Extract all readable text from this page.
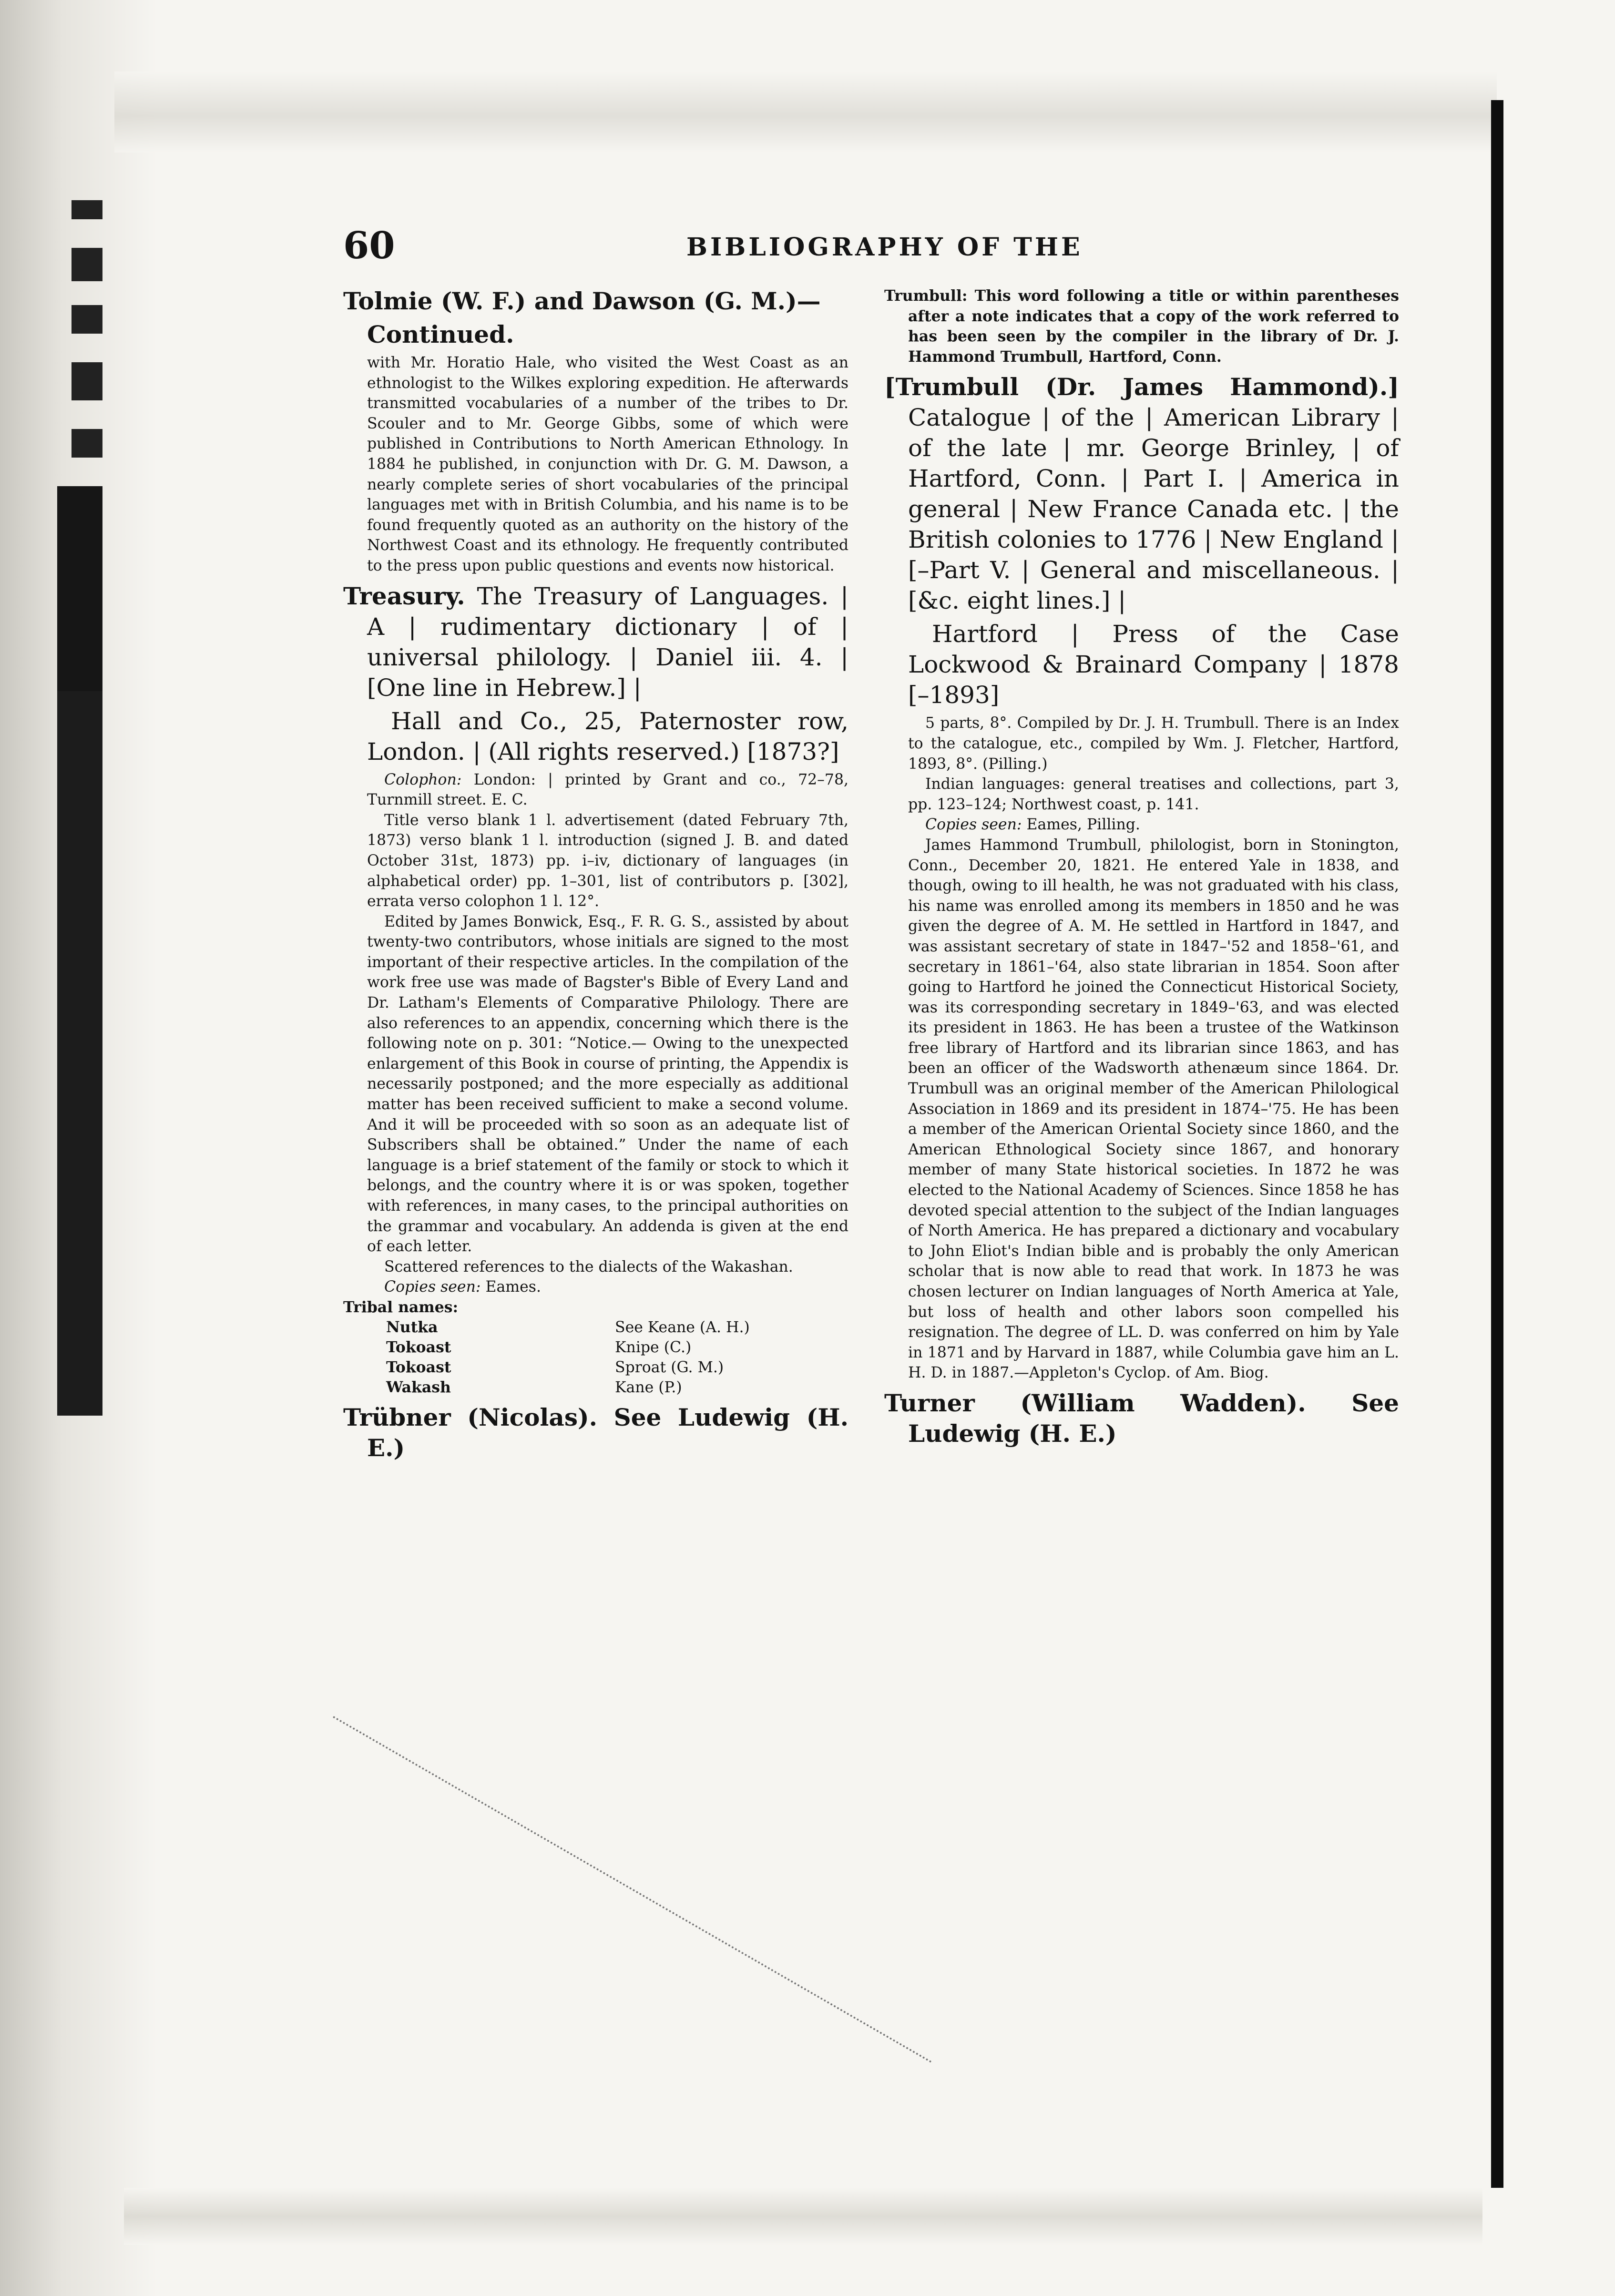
60	BIBLIOGRAPHY OF THE

Tolmie (W. F.) and Dawson (G. M.)—

Continued.

with Mr. Horatio Hale, who visited the West Coast as an ethnologist to the Wilkes exploring expedition. He afterwards transmitted vocabularies of a number of the tribes to Dr. Scouler and to Mr. George Gibbs, some of which were published in Contributions to North American Ethnology. In 1884 he published, in conjunction with Dr. G. M. Dawson, a nearly complete series of short vocabularies of the principal languages met with in British Columbia, and his name is to be found frequently quoted as an authority on the history of the Northwest Coast and its ethnology. He frequently contributed to the press upon public questions and events now historical.

Treasury. The Treasury of Languages. | A | rudimentary dictionary | of | universal philology. | Daniel iii. 4. | [One line in Hebrew.] |

Hall and Co., 25, Paternoster row, London. | (All rights reserved.) [1873?]

Colophon: London: | printed by Grant and co., 72–78, Turnmill street. E. C.

Title verso blank 1 l. advertisement (dated February 7th, 1873) verso blank 1 l. introduction (signed J. B. and dated October 31st, 1873) pp. i–iv, dictionary of languages (in alphabetical order) pp. 1–301, list of contributors p. [302], errata verso colophon 1 l. 12°.

Edited by James Bonwick, Esq., F. R. G. S., assisted by about twenty-two contributors, whose initials are signed to the most important of their respective articles. In the compilation of the work free use was made of Bagster's Bible of Every Land and Dr. Latham's Elements of Comparative Philology. There are also references to an appendix, concerning which there is the following note on p. 301: “Notice.— Owing to the unexpected enlargement of this Book in course of printing, the Appendix is necessarily postponed; and the more especially as additional matter has been received sufficient to make a second volume. And it will be proceeded with so soon as an adequate list of Subscribers shall be obtained.” Under the name of each language is a brief statement of the family or stock to which it belongs, and the country where it is or was spoken, together with references, in many cases, to the principal authorities on the grammar and vocabulary. An addenda is given at the end of each letter.

Scattered references to the dialects of the Wakashan.

Copies seen: Eames.

Tribal names:
Nutka	See Keane (A. H.)
Tokoast	Knipe (C.)
Tokoast	Sproat (G. M.)
Wakash	Kane (P.)

Trübner (Nicolas). See Ludewig (H. E.)

Trumbull: This word following a title or within parentheses after a note indicates that a copy of the work referred to has been seen by the compiler in the library of Dr. J. Hammond Trumbull, Hartford, Conn.

[Trumbull (Dr. James Hammond).] Catalogue | of the | American Library | of the late | mr. George Brinley, | of Hartford, Conn. | Part I. | America in general | New France Canada etc. | the British colonies to 1776 | New England | [–Part V. | General and miscellaneous. | [&c. eight lines.] |

Hartford | Press of the Case Lockwood & Brainard Company | 1878 [–1893]

5 parts, 8°. Compiled by Dr. J. H. Trumbull. There is an Index to the catalogue, etc., compiled by Wm. J. Fletcher, Hartford, 1893, 8°. (Pilling.)

Indian languages: general treatises and collections, part 3, pp. 123–124; Northwest coast, p. 141.

Copies seen: Eames, Pilling.

James Hammond Trumbull, philologist, born in Stonington, Conn., December 20, 1821. He entered Yale in 1838, and though, owing to ill health, he was not graduated with his class, his name was enrolled among its members in 1850 and he was given the degree of A. M. He settled in Hartford in 1847, and was assistant secretary of state in 1847–'52 and 1858–'61, and secretary in 1861–'64, also state librarian in 1854. Soon after going to Hartford he joined the Connecticut Historical Society, was its corresponding secretary in 1849–'63, and was elected its president in 1863. He has been a trustee of the Watkinson free library of Hartford and its librarian since 1863, and has been an officer of the Wadsworth athenæum since 1864. Dr. Trumbull was an original member of the American Philological Association in 1869 and its president in 1874–'75. He has been a member of the American Oriental Society since 1860, and the American Ethnological Society since 1867, and honorary member of many State historical societies. In 1872 he was elected to the National Academy of Sciences. Since 1858 he has devoted special attention to the subject of the Indian languages of North America. He has prepared a dictionary and vocabulary to John Eliot's Indian bible and is probably the only American scholar that is now able to read that work. In 1873 he was chosen lecturer on Indian languages of North America at Yale, but loss of health and other labors soon compelled his resignation. The degree of LL. D. was conferred on him by Yale in 1871 and by Harvard in 1887, while Columbia gave him an L. H. D. in 1887.—Appleton's Cyclop. of Am. Biog.

Turner (William Wadden). See Ludewig (H. E.)
